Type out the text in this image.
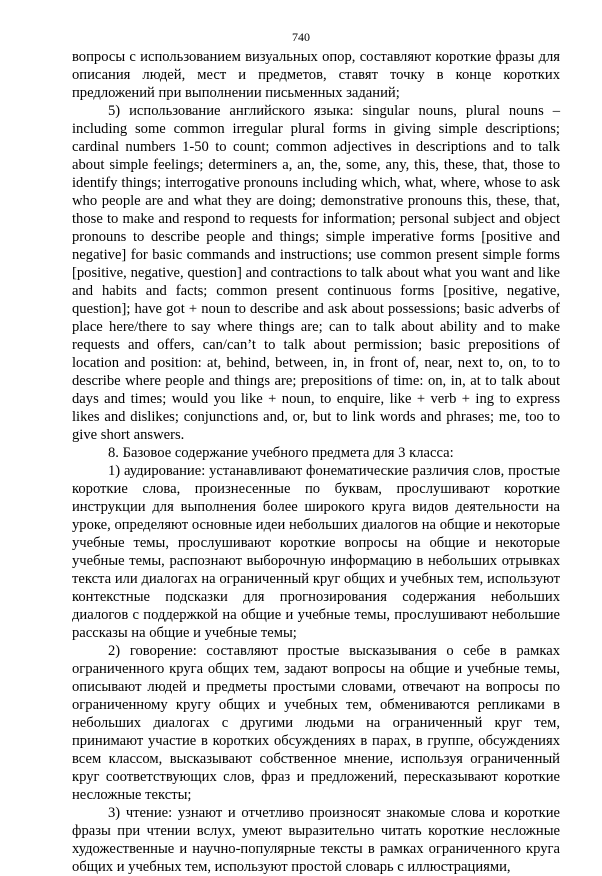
740

вопросы с использованием визуальных опор, составляют короткие фразы для описания людей, мест и предметов, ставят точку в конце коротких предложений при выполнении письменных заданий;

5) использование английского языка: singular nouns, plural nouns – including some common irregular plural forms in giving simple descriptions; cardinal numbers 1-50 to count; common adjectives in descriptions and to talk about simple feelings; determiners a, an, the, some, any, this, these, that, those to identify things; interrogative pronouns including which, what, where, whose to ask who people are and what they are doing; demonstrative pronouns this, these, that, those to make and respond to requests for information; personal subject and object pronouns to describe people and things; simple imperative forms [positive and negative] for basic commands and instructions; use common present simple forms [positive, negative, question] and contractions to talk about what you want and like and habits and facts; common present continuous forms [positive, negative, question]; have got + noun to describe and ask about possessions; basic adverbs of place here/there to say where things are; can to talk about ability and to make requests and offers, can/can’t to talk about permission; basic prepositions of location and position: at, behind, between, in, in front of, near, next to, on, to to describe where people and things are; prepositions of time: on, in, at to talk about days and times; would you like + noun, to enquire, like + verb + ing to express likes and dislikes; conjunctions and, or, but to link words and phrases; me, too to give short answers.

8. Базовое содержание учебного предмета для 3 класса:

1) аудирование: устанавливают фонематические различия слов, простые короткие слова, произнесенные по буквам, прослушивают короткие инструкции для выполнения более широкого круга видов деятельности на уроке, определяют основные идеи небольших диалогов на общие и некоторые учебные темы, прослушивают короткие вопросы на общие и некоторые учебные темы, распознают выборочную информацию в небольших отрывках текста или диалогах на ограниченный круг общих и учебных тем, используют контекстные подсказки для прогнозирования содержания небольших диалогов с поддержкой на общие и учебные темы, прослушивают небольшие рассказы на общие и учебные темы;

2) говорение: составляют простые высказывания о себе в рамках ограниченного круга общих тем, задают вопросы на общие и учебные темы, описывают людей и предметы простыми словами, отвечают на вопросы по ограниченному кругу общих и учебных тем, обмениваются репликами в небольших диалогах с другими людьми на ограниченный круг тем, принимают участие в коротких обсуждениях в парах, в группе, обсуждениях всем классом, высказывают собственное мнение, используя ограниченный круг соответствующих слов, фраз и предложений, пересказывают короткие несложные тексты;

3) чтение: узнают и отчетливо произносят знакомые слова и короткие фразы при чтении вслух, умеют выразительно читать короткие несложные художественные и научно-популярные тексты в рамках ограниченного круга общих и учебных тем, используют простой словарь с иллюстрациями,
